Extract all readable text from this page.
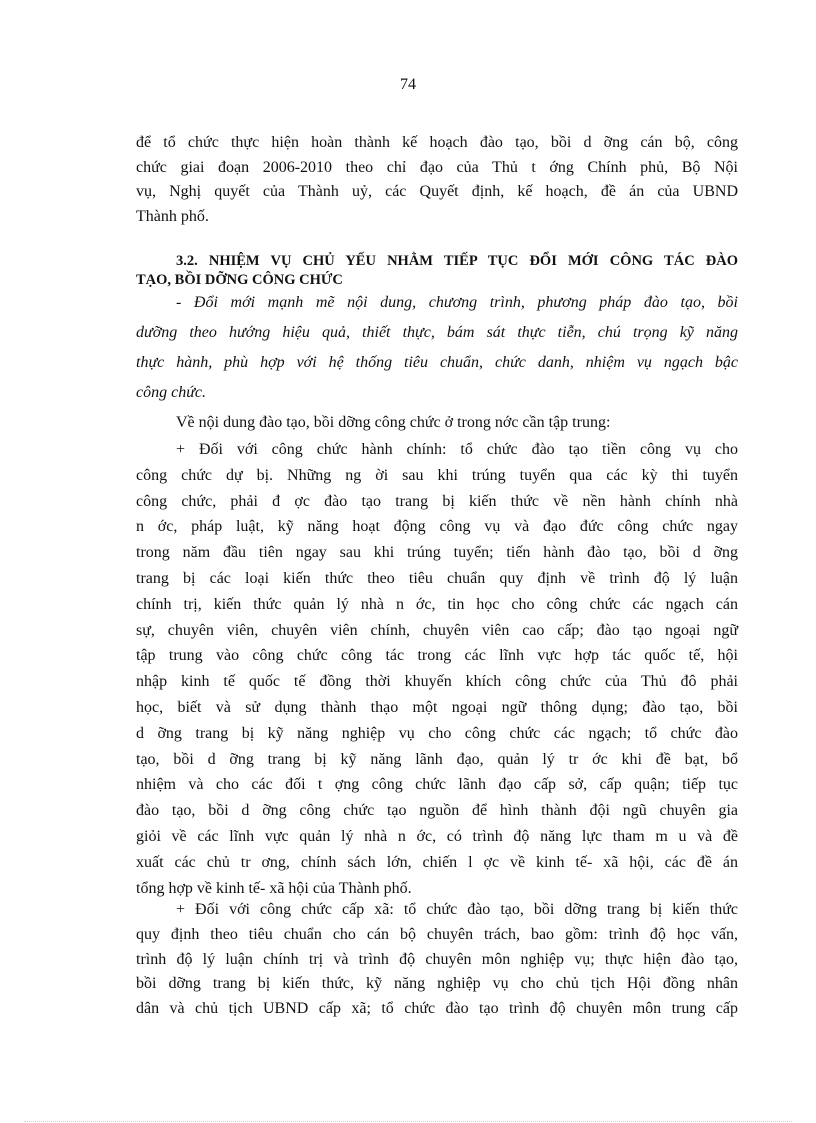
74
để tổ chức thực hiện hoàn thành kế hoạch đào tạo, bồi d ỡng cán bộ, công
chức giai đoạn 2006-2010 theo chỉ đạo của Thủ t ớng Chính phủ, Bộ Nội
vụ, Nghị quyết của Thành uỷ, các Quyết định, kế hoạch, đề án của UBND
Thành phố.
3.2. NHIỆM VỤ CHỦ YẾU NHẰM TIẾP TỤC ĐỔI MỚI CÔNG TÁC ĐÀO
TẠO, BỒI DỠNG CÔNG CHỨC
- Đổi mới mạnh mẽ nội dung, chương trình, phương pháp đào tạo, bồi
dưỡng theo hướng hiệu quả, thiết thực, bám sát thực tiễn, chú trọng kỹ năng
thực hành, phù hợp với hệ thống tiêu chuẩn, chức danh, nhiệm vụ ngạch bậc
công chức.
Về nội dung đào tạo, bồi dỡng công chức ở trong nớc cần tập trung:
+ Đối với công chức hành chính: tổ chức đào tạo tiền công vụ cho
công chức dự bị. Những ng ời sau khi trúng tuyển qua các kỳ thi tuyển
công chức, phải đ ợc đào tạo trang bị kiến thức về nền hành chính nhà
n ớc, pháp luật, kỹ năng hoạt động công vụ và đạo đức công chức ngay
trong năm đầu tiên ngay sau khi trúng tuyển; tiến hành đào tạo, bồi d ỡng
trang bị các loại kiến thức theo tiêu chuẩn quy định về trình độ lý luận
chính trị, kiến thức quản lý nhà n ớc, tin học cho công chức các ngạch cán
sự, chuyên viên, chuyên viên chính, chuyên viên cao cấp; đào tạo ngoại ngữ
tập trung vào công chức công tác trong các lĩnh vực hợp tác quốc tế, hội
nhập kinh tế quốc tế đồng thời khuyến khích công chức của Thủ đô phải
học, biết và sử dụng thành thạo một ngoại ngữ thông dụng; đào tạo, bồi
d ỡng trang bị kỹ năng nghiệp vụ cho công chức các ngạch; tổ chức đào
tạo, bồi d ỡng trang bị kỹ năng lãnh đạo, quản lý tr ớc khi đề bạt, bổ
nhiệm và cho các đối t ợng công chức lãnh đạo cấp sở, cấp quận; tiếp tục
đào tạo, bồi d ỡng công chức tạo nguồn để hình thành đội ngũ chuyên gia
giỏi về các lĩnh vực quản lý nhà n ớc, có trình độ năng lực tham m u và đề
xuất các chủ tr ơng, chính sách lớn, chiến l ợc về kinh tế- xã hội, các đề án
tổng hợp về kinh tế- xã hội của Thành phố.
+ Đối với công chức cấp xã: tổ chức đào tạo, bồi dỡng trang bị kiến thức
quy định theo tiêu chuẩn cho cán bộ chuyên trách, bao gồm: trình độ học vấn,
trình độ lý luận chính trị và trình độ chuyên môn nghiệp vụ; thực hiện đào tạo,
bồi dỡng trang bị kiến thức, kỹ năng nghiệp vụ cho chủ tịch Hội đồng nhân
dân và chủ tịch UBND cấp xã; tổ chức đào tạo trình độ chuyên môn trung cấp
